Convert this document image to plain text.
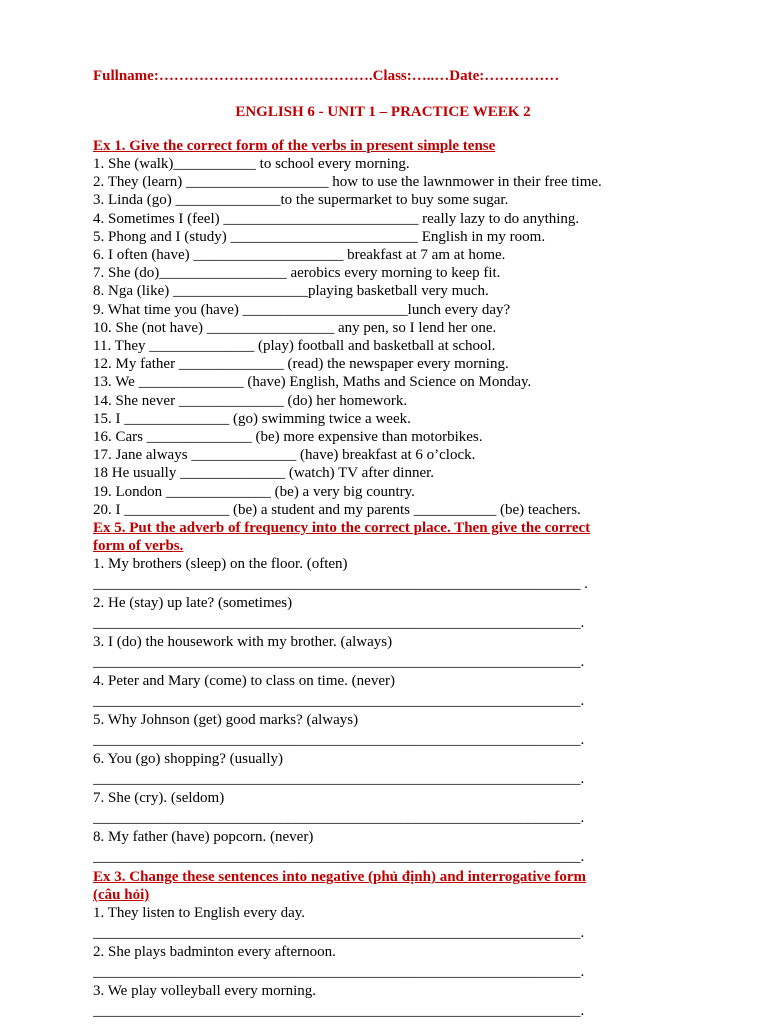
Fullname:…………………………………….Class:…..…Date:……………
ENGLISH 6 - UNIT 1 – PRACTICE WEEK 2
Ex 1. Give the correct form of the verbs in present simple tense
1. She (walk)___________ to school every morning.
2. They (learn) ___________________ how to use the lawnmower in their free time.
3. Linda (go) ______________to the supermarket to buy some sugar.
4. Sometimes I (feel) __________________________ really lazy to do anything.
5. Phong and I (study) _________________________ English in my room.
6. I often (have) ____________________ breakfast at 7 am at home.
7. She (do)_________________ aerobics every morning to keep fit.
8. Nga (like) __________________playing basketball very much.
9. What time you (have) ______________________lunch every day?
10. She (not have) _________________ any pen, so I lend her one.
11. They ______________ (play) football and basketball at school.
12. My father ______________ (read) the newspaper every morning.
13. We ______________ (have) English, Maths and Science on Monday.
14. She never ______________ (do) her homework.
15. I ______________ (go) swimming twice a week.
16. Cars ______________ (be) more expensive than motorbikes.
17. Jane always ______________ (have) breakfast at 6 o’clock.
18 He usually ______________ (watch) TV after dinner.
19. London ______________ (be) a very big country.
20. I ______________ (be) a student and my parents ___________ (be) teachers.
Ex 5. Put the adverb of frequency into the correct place. Then give the correct
form of verbs.
1. My brothers (sleep) on the floor. (often)
_________________________________________________________________ .
2. He (stay) up late? (sometimes)
_________________________________________________________________.
3. I (do) the housework with my brother. (always)
_________________________________________________________________.
4. Peter and Mary (come) to class on time. (never)
_________________________________________________________________.
5. Why Johnson (get) good marks? (always)
_________________________________________________________________.
6. You (go) shopping? (usually)
_________________________________________________________________.
7. She (cry). (seldom)
_________________________________________________________________.
8. My father (have) popcorn. (never)
_________________________________________________________________.
Ex 3. Change these sentences into negative (phủ định) and interrogative form
(câu hỏi)
1. They listen to English every day.
_________________________________________________________________.
2. She plays badminton every afternoon.
_________________________________________________________________.
3. We play volleyball every morning.
_________________________________________________________________.
